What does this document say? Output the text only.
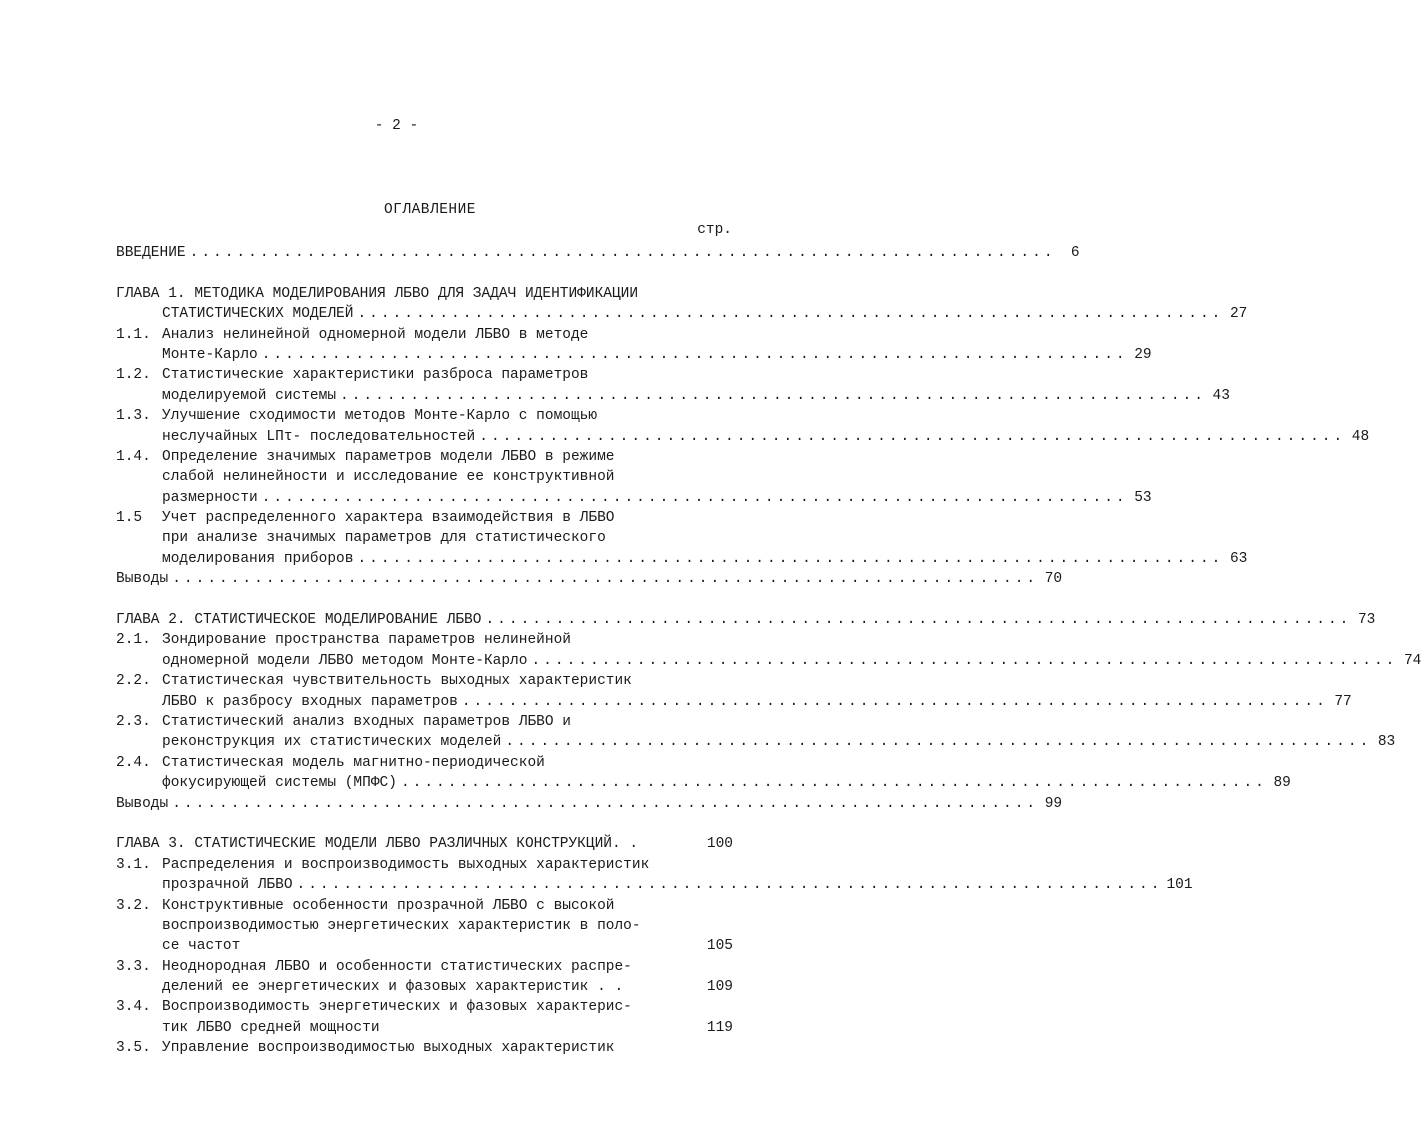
- 2 -
ОГЛАВЛЕНИЕ
стр.
ВВЕДЕНИЕ ..........................................................................	6
ГЛАВА 1. МЕТОДИКА МОДЕЛИРОВАНИЯ ЛБВО ДЛЯ ЗАДАЧ ИДЕНТИФИКАЦИИ
СТАТИСТИЧЕСКИХ МОДЕЛЕЙ .......................................................................... 27
1.1. Анализ нелинейной одномерной модели ЛБВО в методе
Монте-Карло .......................................................................... 29
1.2. Статистические характеристики разброса параметров
моделируемой системы .......................................................................... 43
1.3. Улучшение сходимости методов Монте-Карло с помощью
неслучайных LПτ- последовательностей .......................................................................... 48
1.4. Определение значимых параметров модели ЛБВО в режиме
слабой нелинейности и исследование ее конструктивной
размерности .......................................................................... 53
1.5	Учет распределенного характера взаимодействия в ЛБВО
при анализе значимых параметров для статистического
моделирования приборов .......................................................................... 63
Выводы .......................................................................... 70
ГЛАВА 2. СТАТИСТИЧЕСКОЕ МОДЕЛИРОВАНИЕ ЛБВО .......................................................................... 73
2.1. Зондирование пространства параметров нелинейной
одномерной модели ЛБВО методом Монте-Карло .......................................................................... 74
2.2. Статистическая чувствительность выходных характеристик
ЛБВО к разбросу входных параметров .......................................................................... 77
2.3. Статистический анализ входных параметров ЛБВО и
реконструкция их статистических моделей .......................................................................... 83
2.4. Статистическая модель магнитно-периодической
фокусирующей системы (МПФС) .......................................................................... 89
Выводы .......................................................................... 99
ГЛАВА 3. СТАТИСТИЧЕСКИЕ МОДЕЛИ ЛБВО РАЗЛИЧНЫХ КОНСТРУКЦИЙ. .	100
3.1. Распределения и воспроизводимость выходных характеристик
прозрачной ЛБВО .......................................................................... 101
3.2. Конструктивные особенности прозрачной ЛБВО с высокой
воспроизводимостью энергетических характеристик в поло-
се частот	105
3.3. Неоднородная ЛБВО и особенности статистических распре-
делений ее энергетических и фазовых характеристик . .	109
3.4. Воспроизводимость энергетических и фазовых характерис-
тик ЛБВО средней мощности	119
3.5. Управление воспроизводимостью выходных характеристик
